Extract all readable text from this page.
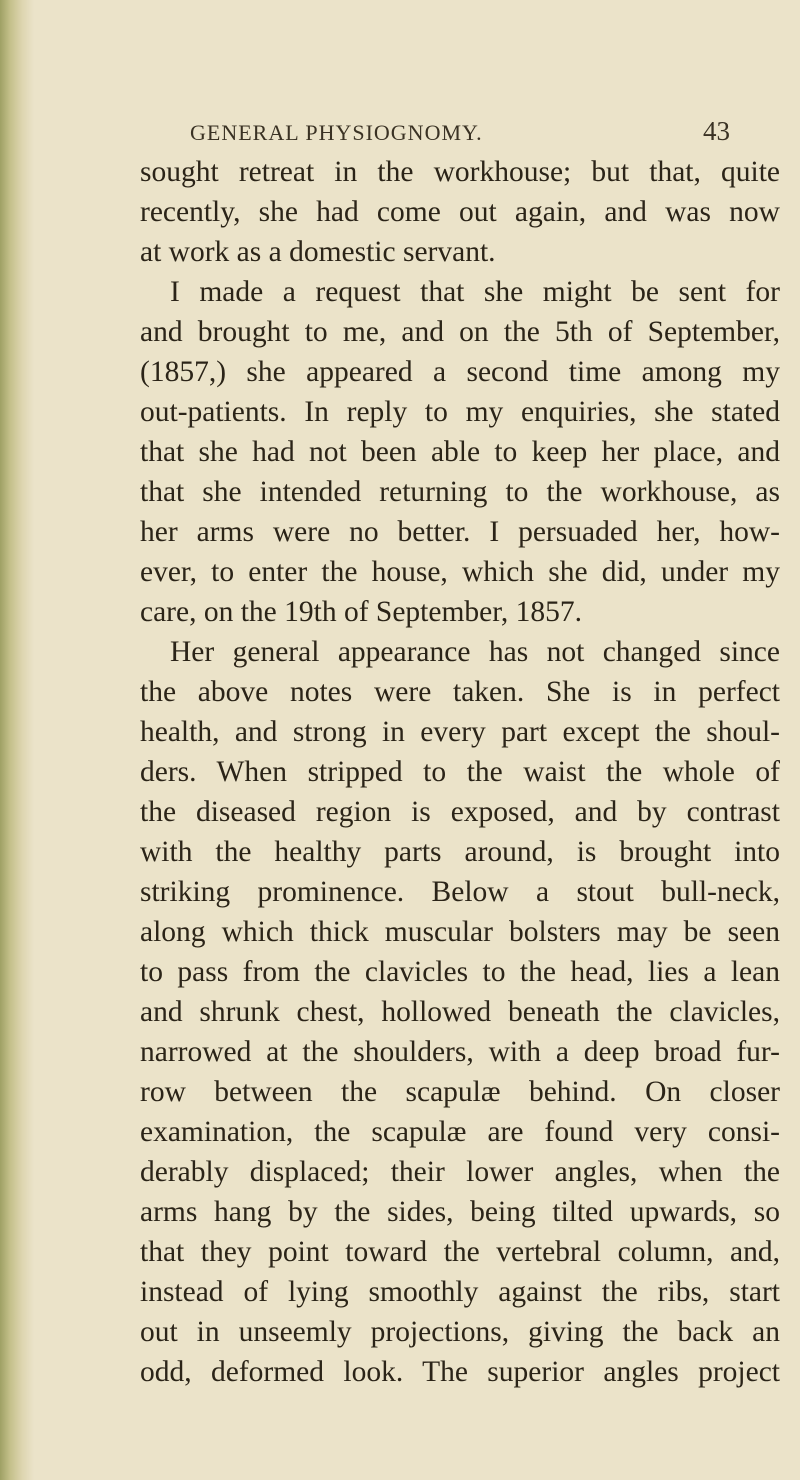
GENERAL PHYSIOGNOMY.	43
sought retreat in the workhouse; but that, quite
recently, she had come out again, and was now
at work as a domestic servant.
I made a request that she might be sent for
and brought to me, and on the 5th of September,
(1857,) she appeared a second time among my
out-patients. In reply to my enquiries, she stated
that she had not been able to keep her place, and
that she intended returning to the workhouse, as
her arms were no better. I persuaded her, how-
ever, to enter the house, which she did, under my
care, on the 19th of September, 1857.
Her general appearance has not changed since
the above notes were taken. She is in perfect
health, and strong in every part except the shoul-
ders. When stripped to the waist the whole of
the diseased region is exposed, and by contrast
with the healthy parts around, is brought into
striking prominence. Below a stout bull-neck,
along which thick muscular bolsters may be seen
to pass from the clavicles to the head, lies a lean
and shrunk chest, hollowed beneath the clavicles,
narrowed at the shoulders, with a deep broad fur-
row between the scapulæ behind. On closer
examination, the scapulæ are found very consi-
derably displaced; their lower angles, when the
arms hang by the sides, being tilted upwards, so
that they point toward the vertebral column, and,
instead of lying smoothly against the ribs, start
out in unseemly projections, giving the back an
odd, deformed look. The superior angles project
